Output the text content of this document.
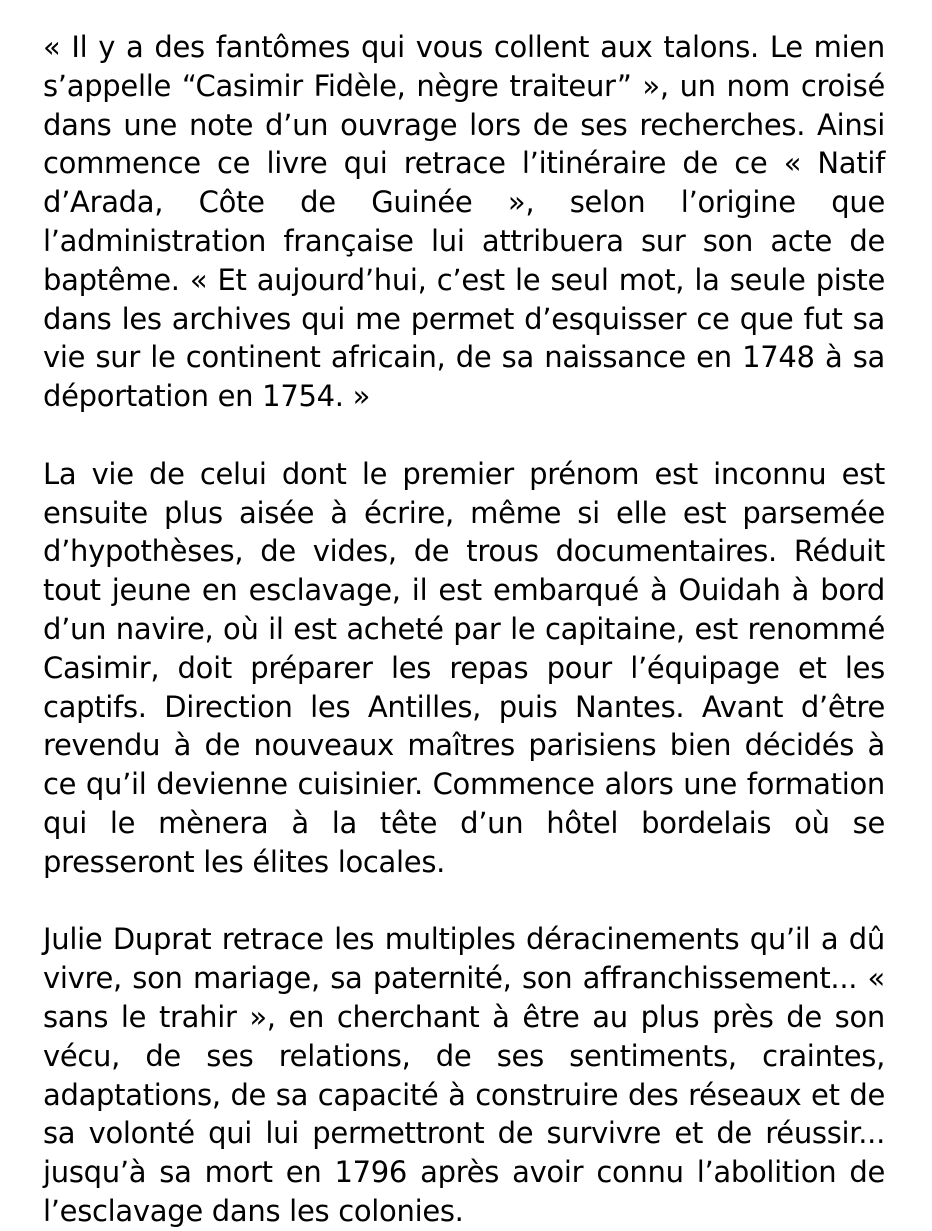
« Il y a des fantômes qui vous collent aux talons. Le mien s’appelle “Casimir Fidèle, nègre traiteur” », un nom croisé dans une note d’un ouvrage lors de ses recherches. Ainsi commence ce livre qui retrace l’itinéraire de ce « Natif d’Arada, Côte de Guinée », selon l’origine que l’administration française lui attribuera sur son acte de baptême. « Et aujourd’hui, c’est le seul mot, la seule piste dans les archives qui me permet d’esquisser ce que fut sa vie sur le continent africain, de sa naissance en 1748 à sa déportation en 1754. »

La vie de celui dont le premier prénom est inconnu est ensuite plus aisée à écrire, même si elle est parsemée d’hypothèses, de vides, de trous documentaires. Réduit tout jeune en esclavage, il est embarqué à Ouidah à bord d’un navire, où il est acheté par le capitaine, est renommé Casimir, doit préparer les repas pour l’équipage et les captifs. Direction les Antilles, puis Nantes. Avant d’être revendu à de nouveaux maîtres parisiens bien décidés à ce qu’il devienne cuisinier. Commence alors une formation qui le mènera à la tête d’un hôtel bordelais où se presseront les élites locales.

Julie Duprat retrace les multiples déracinements qu’il a dû vivre, son mariage, sa paternité, son affranchissement... « sans le trahir », en cherchant à être au plus près de son vécu, de ses relations, de ses sentiments, craintes, adaptations, de sa capacité à construire des réseaux et de sa volonté qui lui permettront de survivre et de réussir... jusqu’à sa mort en 1796 après avoir connu l’abolition de l’esclavage dans les colonies.
